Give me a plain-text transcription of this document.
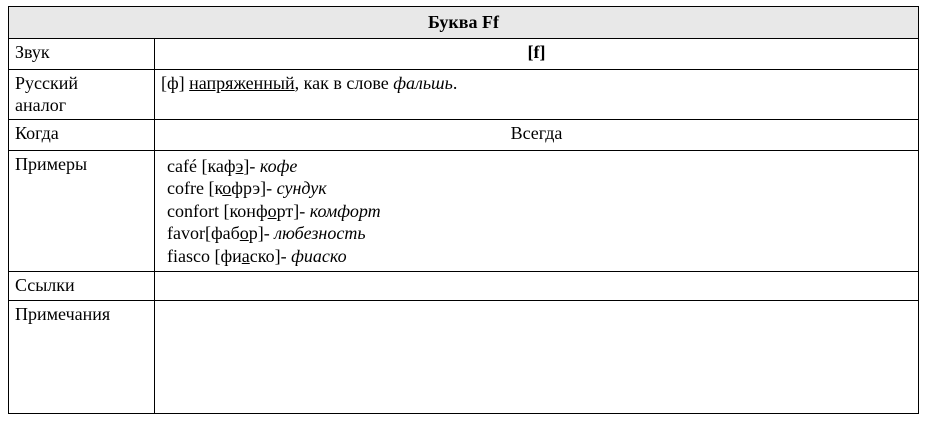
Буква Ff	
Звук	[f]

Русский
аналог	[ф] напряженный, как в слове фальшь.
Когда	Всегда
Примеры	café [кафэ]- кофе
cofre [кофрэ]- сундук
confort [конфорт]- комфорт
favor[фабор]- любезность
fiasco [фиаско]- фиаско

Ссылки	
Примечания	
